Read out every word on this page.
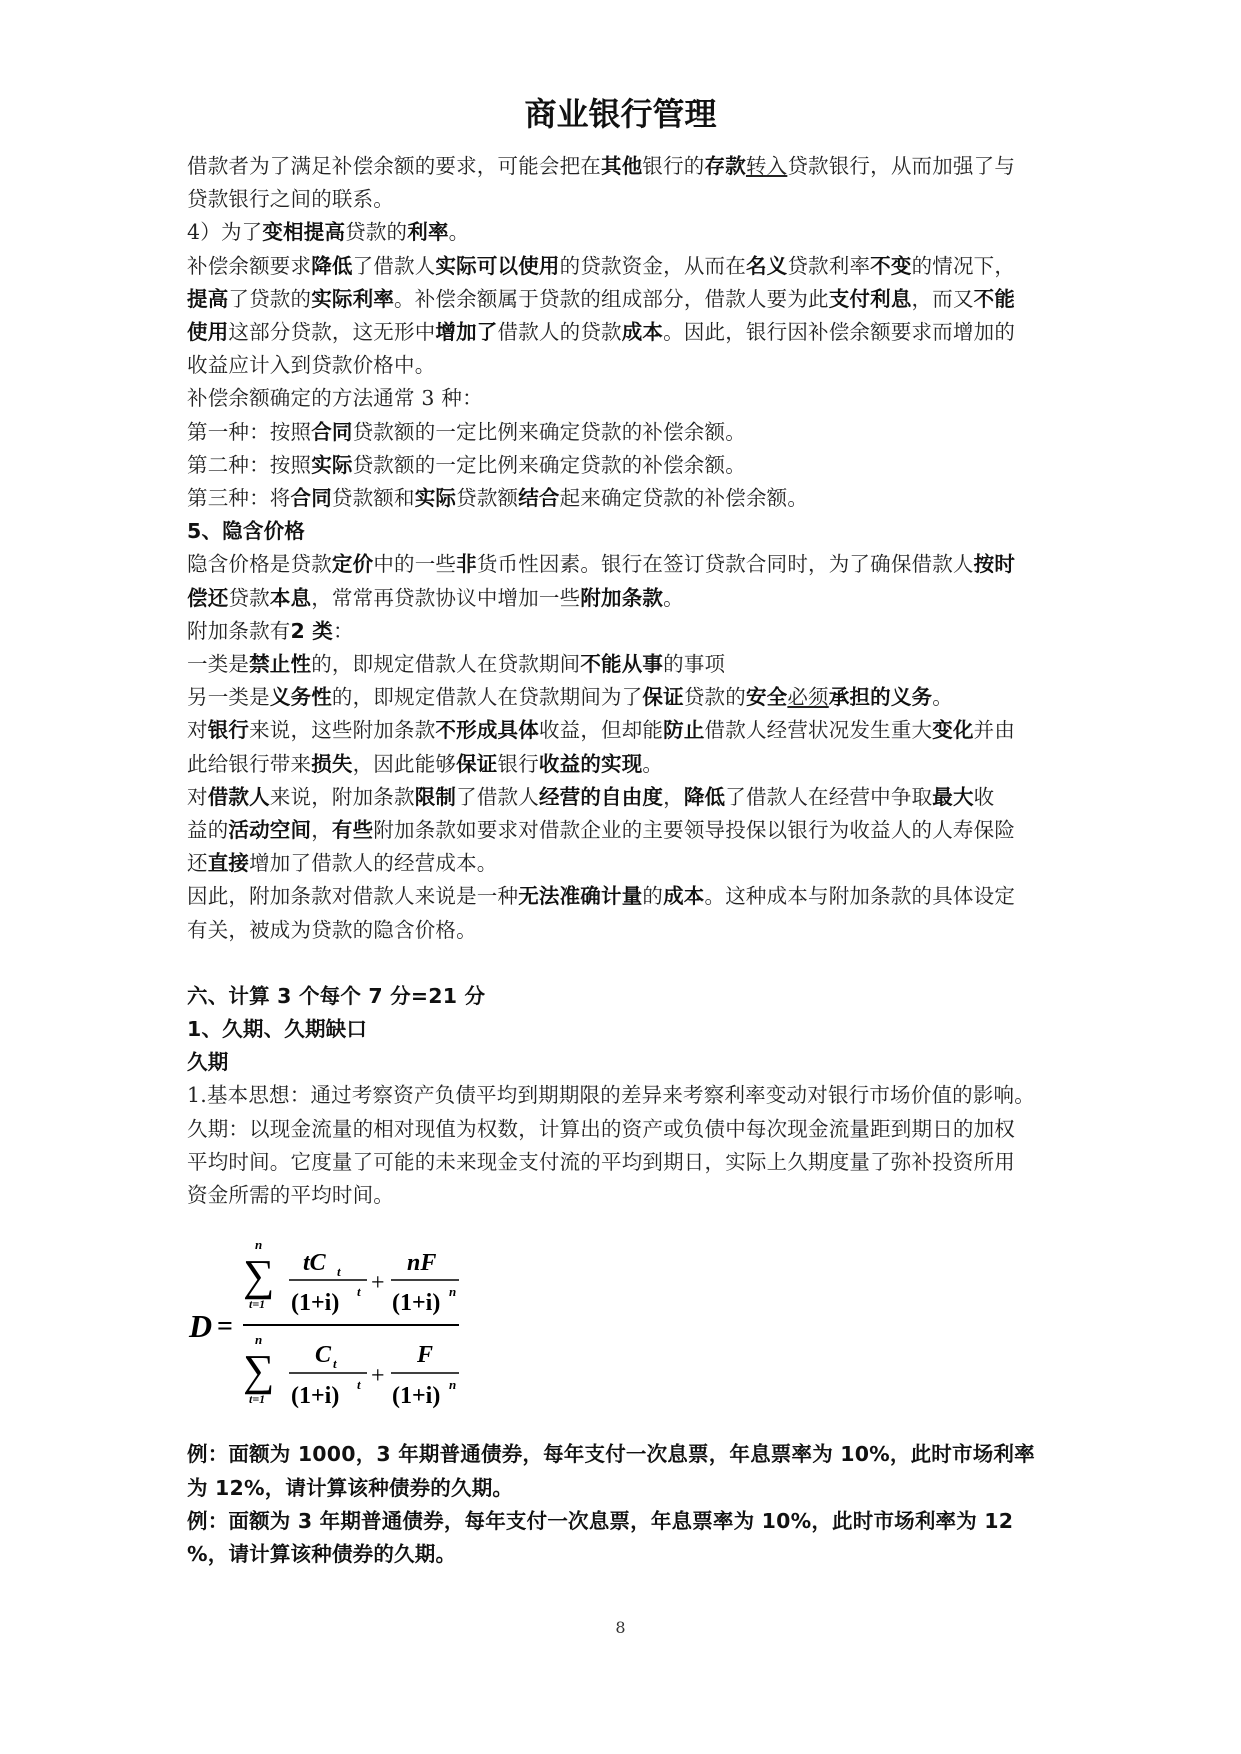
商业银行管理

借款者为了满足补偿余额的要求，可能会把在其他银行的存款转入贷款银行，从而加强了与

贷款银行之间的联系。

4）为了变相提高贷款的利率。

补偿余额要求降低了借款人实际可以使用的贷款资金，从而在名义贷款利率不变的情况下，

提高了贷款的实际利率。补偿余额属于贷款的组成部分，借款人要为此支付利息，而又不能

使用这部分贷款，这无形中增加了借款人的贷款成本。因此，银行因补偿余额要求而增加的

收益应计入到贷款价格中。

补偿余额确定的方法通常 3 种：

第一种：按照合同贷款额的一定比例来确定贷款的补偿余额。

第二种：按照实际贷款额的一定比例来确定贷款的补偿余额。

第三种：将合同贷款额和实际贷款额结合起来确定贷款的补偿余额。

5、隐含价格

隐含价格是贷款定价中的一些非货币性因素。银行在签订贷款合同时，为了确保借款人按时

偿还贷款本息，常常再贷款协议中增加一些附加条款。

附加条款有2 类：

一类是禁止性的，即规定借款人在贷款期间不能从事的事项

另一类是义务性的，即规定借款人在贷款期间为了保证贷款的安全必须承担的义务。

对银行来说，这些附加条款不形成具体收益，但却能防止借款人经营状况发生重大变化并由

此给银行带来损失，因此能够保证银行收益的实现。

对借款人来说，附加条款限制了借款人经营的自由度，降低了借款人在经营中争取最大收

益的活动空间，有些附加条款如要求对借款企业的主要领导投保以银行为收益人的人寿保险

还直接增加了借款人的经营成本。

因此，附加条款对借款人来说是一种无法准确计量的成本。这种成本与附加条款的具体设定

有关，被成为贷款的隐含价格。

六、计算 3 个每个 7 分=21 分

1、久期、久期缺口

久期

1.基本思想：通过考察资产负债平均到期期限的差异来考察利率变动对银行市场价值的影响。

久期：以现金流量的相对现值为权数，计算出的资产或负债中每次现金流量距到期日的加权

平均时间。它度量了可能的未来现金支付流的平均到期日，实际上久期度量了弥补投资所用

资金所需的平均时间。

D =
n
∑
t=1
tC t
(1+i) t +
nF
(1+i) n
n
∑
t=1
C t
(1+i) t +
F
(1+i) n

例：面额为 1000，3 年期普通债券，每年支付一次息票，年息票率为 10%，此时市场利率

为 12%，请计算该种债券的久期。

例：面额为 3 年期普通债券，每年支付一次息票，年息票率为 10%，此时市场利率为 12

%，请计算该种债券的久期。

8
